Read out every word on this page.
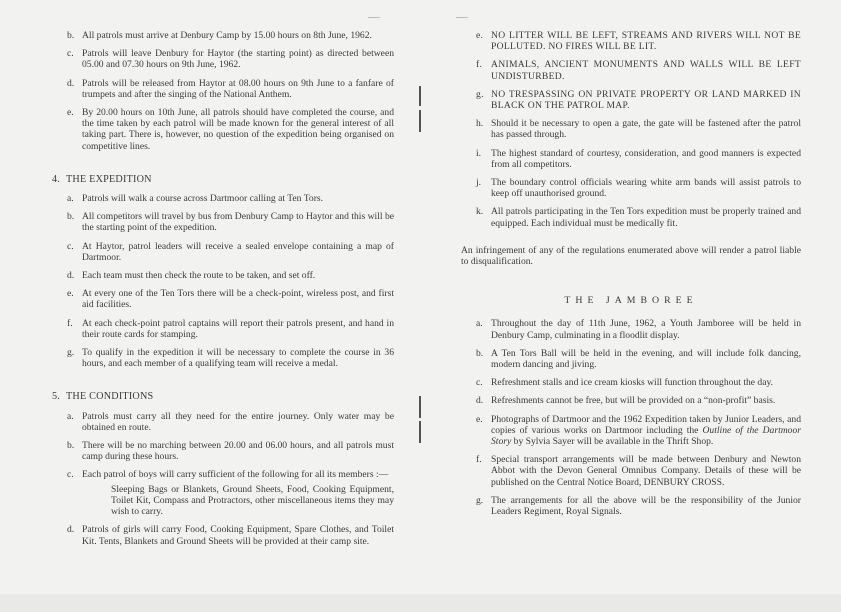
b. All patrols must arrive at Denbury Camp by 15.00 hours on 8th June, 1962.
c. Patrols will leave Denbury for Haytor (the starting point) as directed between 05.00 and 07.30 hours on 9th June, 1962.
d. Patrols will be released from Haytor at 08.00 hours on 9th June to a fanfare of trumpets and after the singing of the National Anthem.
e. By 20.00 hours on 10th June, all patrols should have completed the course, and the time taken by each patrol will be made known for the general interest of all taking part. There is, however, no question of the expedition being organised on competitive lines.
4. THE EXPEDITION
a. Patrols will walk a course across Dartmoor calling at Ten Tors.
b. All competitors will travel by bus from Denbury Camp to Haytor and this will be the starting point of the expedition.
c. At Haytor, patrol leaders will receive a sealed envelope containing a map of Dartmoor.
d. Each team must then check the route to be taken, and set off.
e. At every one of the Ten Tors there will be a check-point, wireless post, and first aid facilities.
f. At each check-point patrol captains will report their patrols present, and hand in their route cards for stamping.
g. To qualify in the expedition it will be necessary to complete the course in 36 hours, and each member of a qualifying team will receive a medal.
5. THE CONDITIONS
a. Patrols must carry all they need for the entire journey. Only water may be obtained en route.
b. There will be no marching between 20.00 and 06.00 hours, and all patrols must camp during these hours.
c. Each patrol of boys will carry sufficient of the following for all its members :—
Sleeping Bags or Blankets, Ground Sheets, Food, Cooking Equipment, Toilet Kit, Compass and Protractors, other miscellaneous items they may wish to carry.
d. Patrols of girls will carry Food, Cooking Equipment, Spare Clothes, and Toilet Kit. Tents, Blankets and Ground Sheets will be provided at their camp site.
e. NO LITTER WILL BE LEFT, STREAMS AND RIVERS WILL NOT BE POLLUTED. NO FIRES WILL BE LIT.
f. ANIMALS, ANCIENT MONUMENTS AND WALLS WILL BE LEFT UNDISTURBED.
g. NO TRESPASSING ON PRIVATE PROPERTY OR LAND MARKED IN BLACK ON THE PATROL MAP.
h. Should it be necessary to open a gate, the gate will be fastened after the patrol has passed through.
i. The highest standard of courtesy, consideration, and good manners is expected from all competitors.
j. The boundary control officials wearing white arm bands will assist patrols to keep off unauthorised ground.
k. All patrols participating in the Ten Tors expedition must be properly trained and equipped. Each individual must be medically fit.
An infringement of any of the regulations enumerated above will render a patrol liable to disqualification.
THE JAMBOREE
a. Throughout the day of 11th June, 1962, a Youth Jamboree will be held in Denbury Camp, culminating in a floodlit display.
b. A Ten Tors Ball will be held in the evening, and will include folk dancing, modern dancing and jiving.
c. Refreshment stalls and ice cream kiosks will function throughout the day.
d. Refreshments cannot be free, but will be provided on a “non-profit” basis.
e. Photographs of Dartmoor and the 1962 Expedition taken by Junior Leaders, and copies of various works on Dartmoor including the Outline of the Dartmoor Story by Sylvia Sayer will be available in the Thrift Shop.
f. Special transport arrangements will be made between Denbury and Newton Abbot with the Devon General Omnibus Company. Details of these will be published on the Central Notice Board, DENBURY CROSS.
g. The arrangements for all the above will be the responsibility of the Junior Leaders Regiment, Royal Signals.
